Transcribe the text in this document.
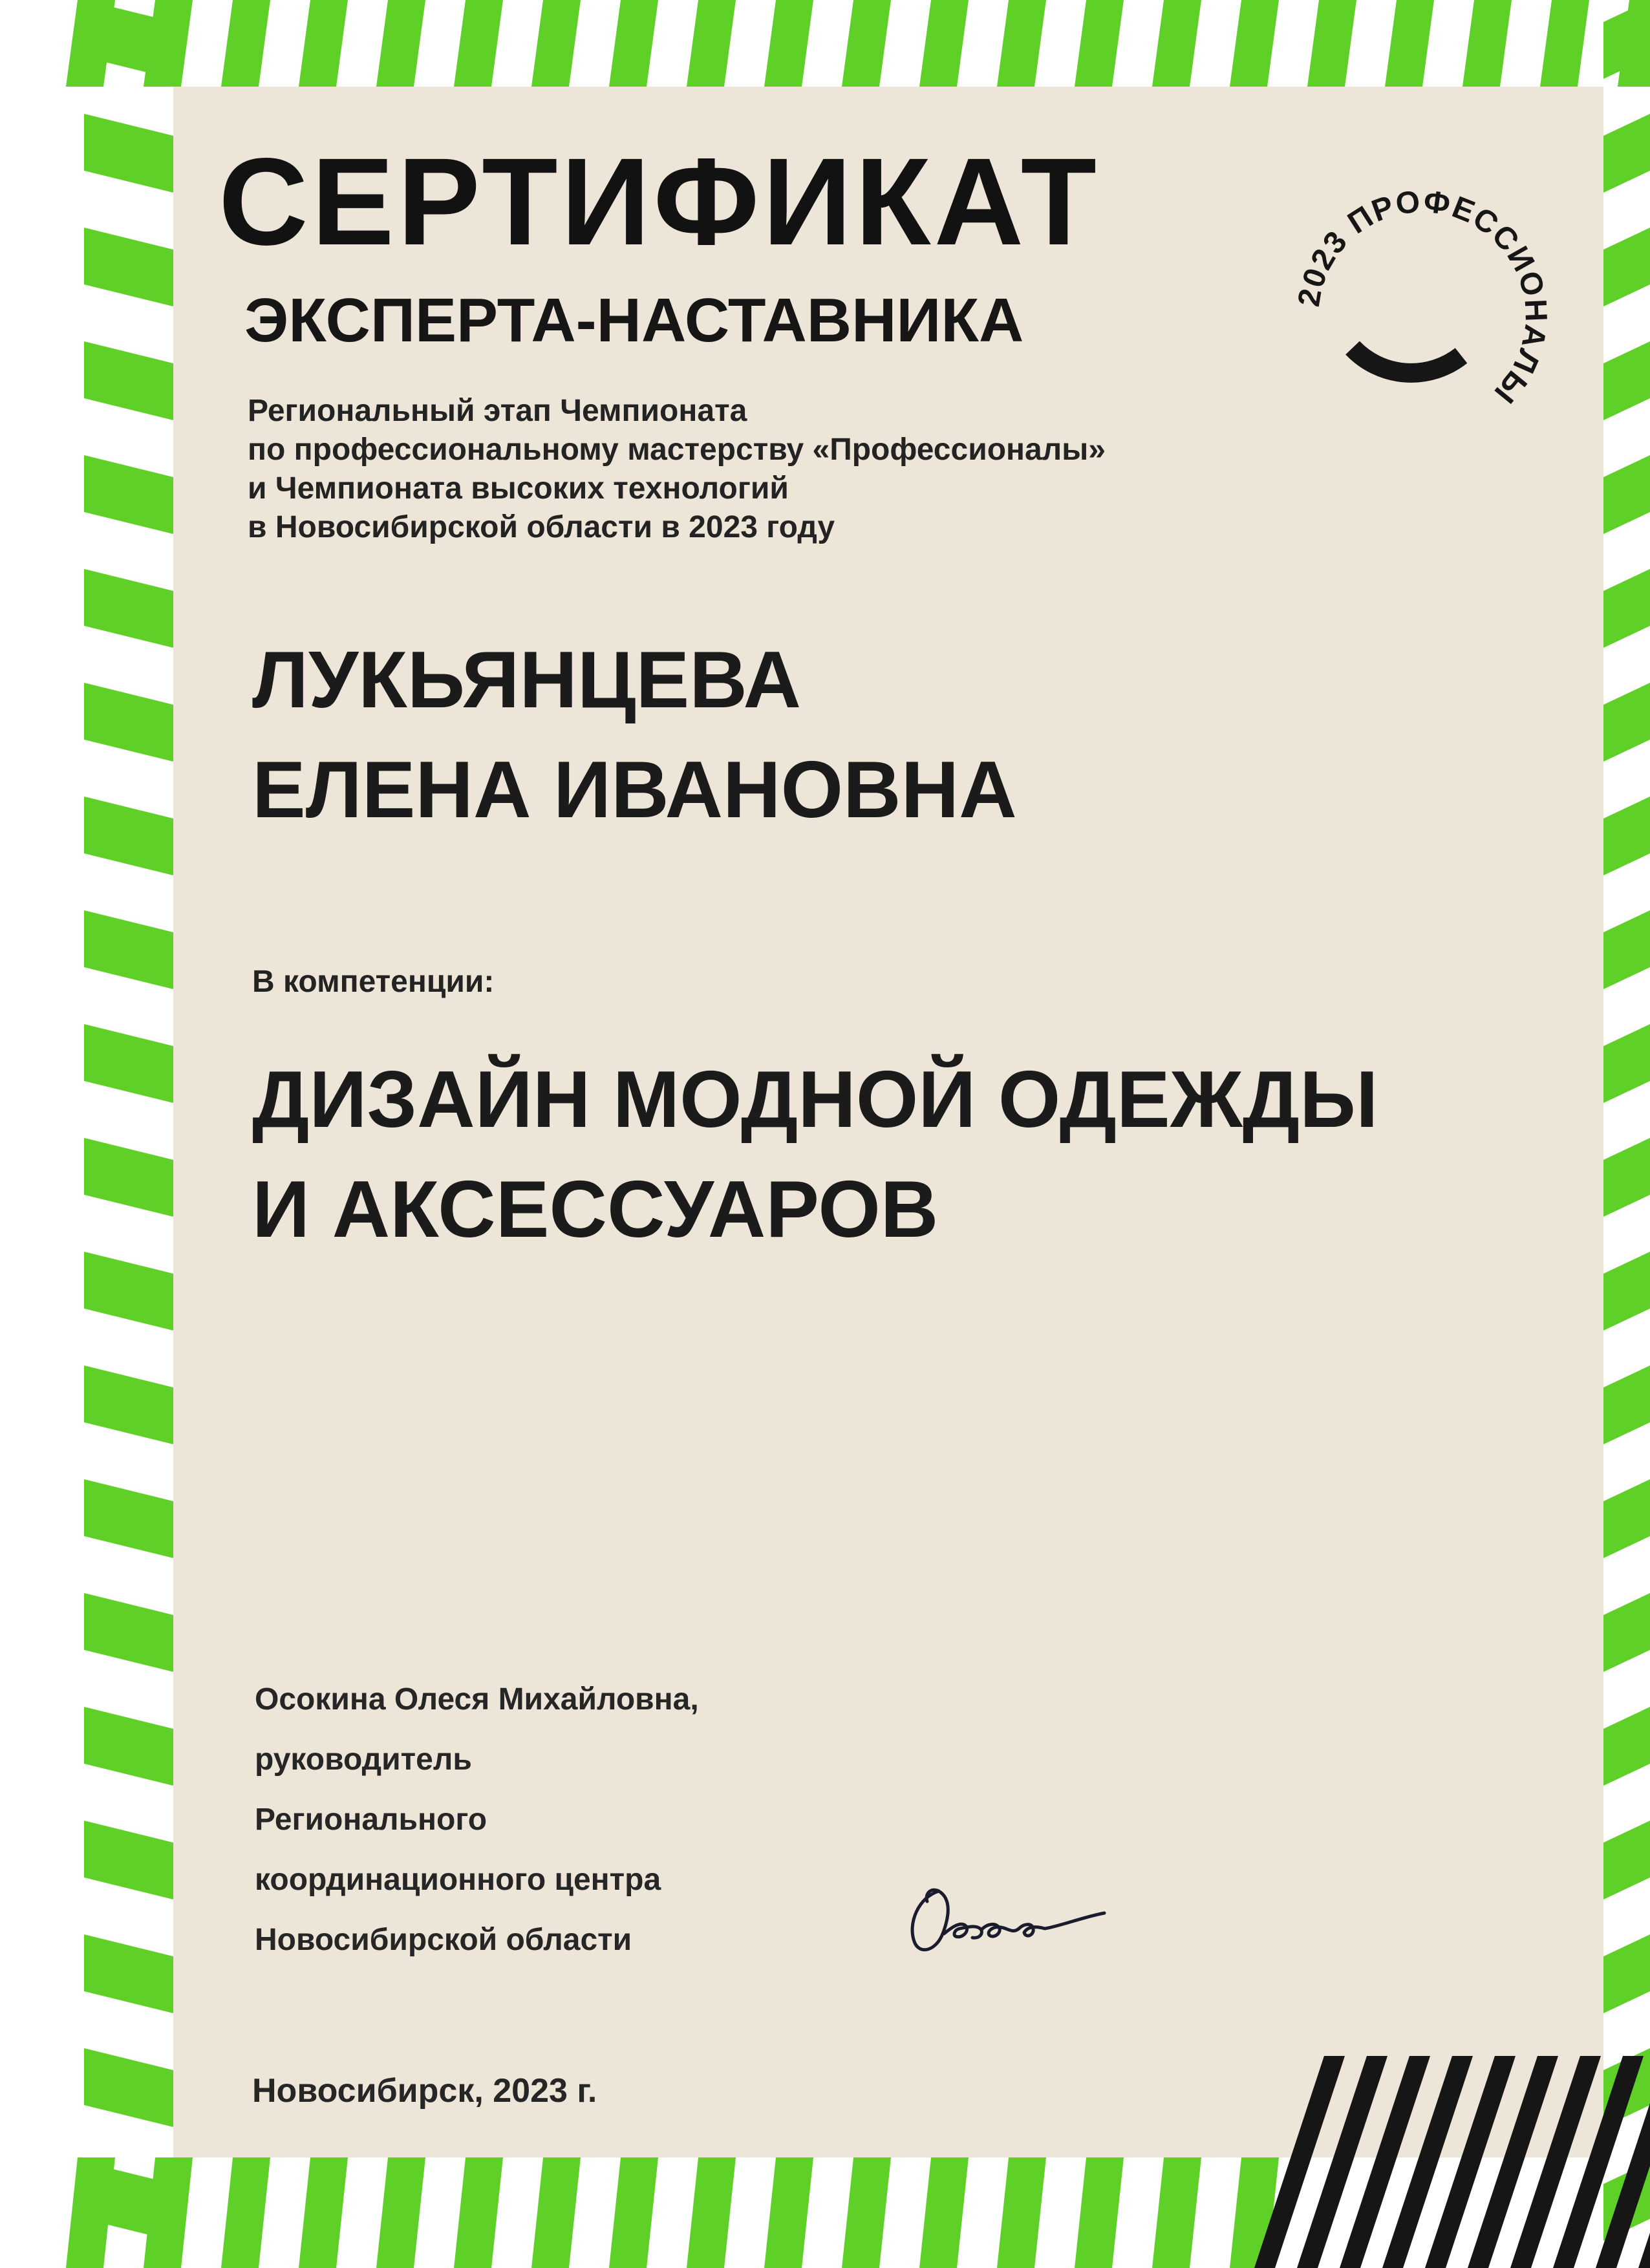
СЕРТИФИКАТ
ЭКСПЕРТА-НАСТАВНИКА
Региональный этап Чемпионата
по профессиональному мастерству «Профессионалы»
и Чемпионата высоких технологий
в Новосибирской области в 2023 году
ЛУКЬЯНЦЕВА
ЕЛЕНА ИВАНОВНА
В компетенции:
ДИЗАЙН МОДНОЙ ОДЕЖДЫ
И АКСЕССУАРОВ
Осокина Олеся Михайловна,
руководитель
Регионального
координационного центра
Новосибирской области
Новосибирск, 2023 г.
2023 ПРОФЕССИОНАЛЫ
